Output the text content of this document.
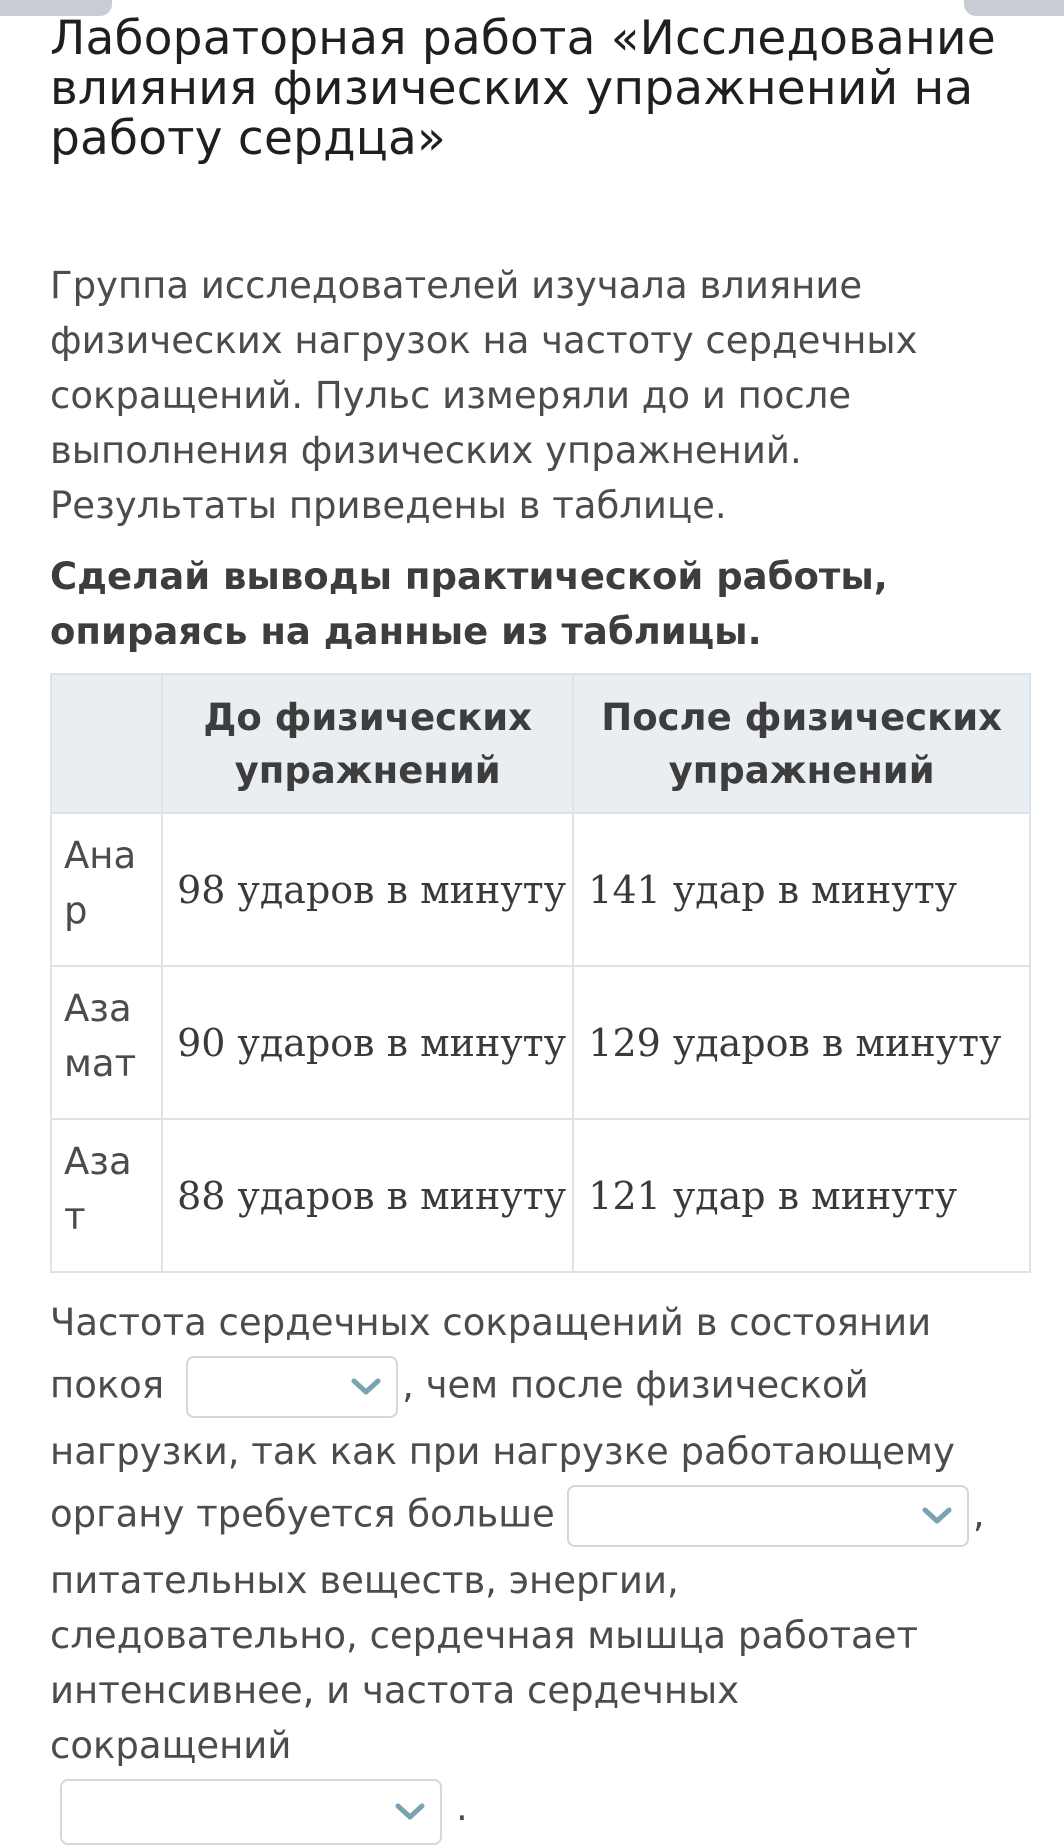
Лабораторная работа «Исследование влияния физических упражнений на работу сердца»

Группа исследователей изучала влияние физических нагрузок на частоту сердечных сокращений. Пульс измеряли до и после выполнения физических упражнений. Результаты приведены в таблице.

Сделай выводы практической работы, опираясь на данные из таблицы.

	До физических упражнений	После физических упражнений
Анар	98 ударов в минуту	141 удар в минуту
Азамат	90 ударов в минуту	129 ударов в минуту
Азат	88 ударов в минуту	121 удар в минуту
Частота сердечных сокращений в состоянии
покоя	, чем после физической
нагрузки, так как при нагрузке работающему
органу требуется больше	,
питательных веществ, энергии, следовательно, сердечная мышца работает интенсивнее, и частота сердечных сокращений
.
